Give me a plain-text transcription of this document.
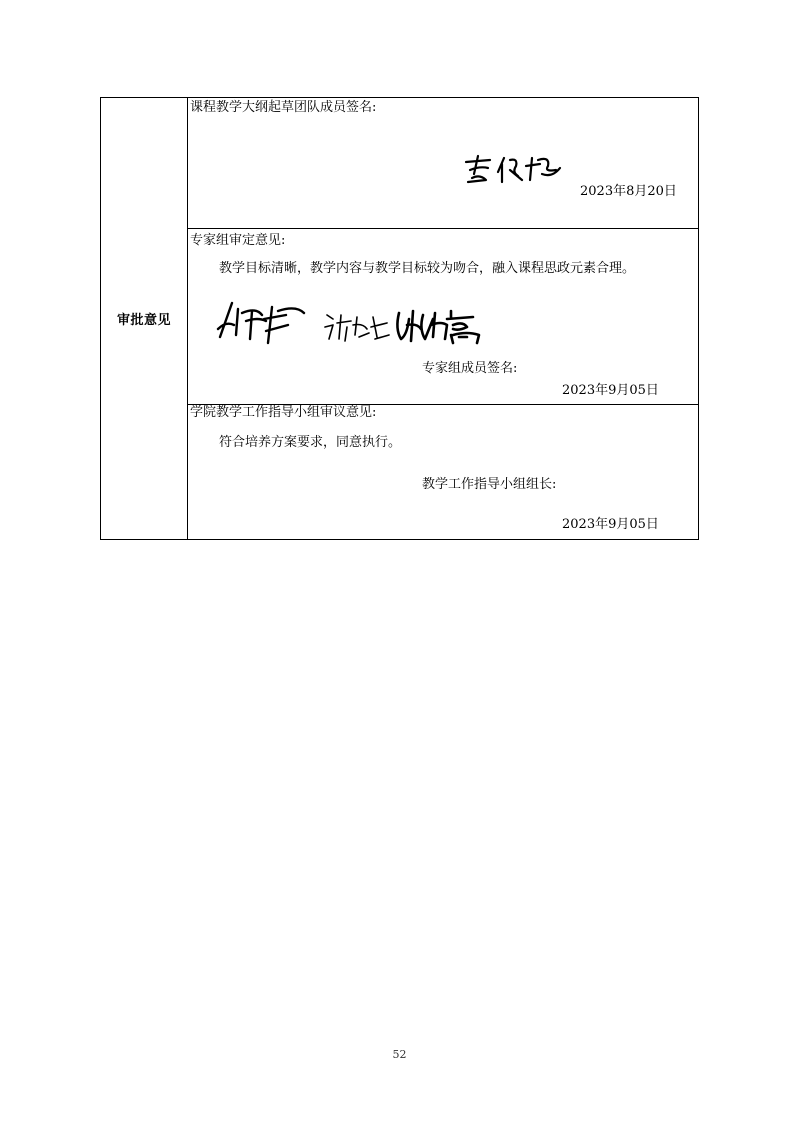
审批意见
课程教学大纲起草团队成员签名:
2023年8月20日
专家组审定意见:
教学目标清晰，教学内容与教学目标较为吻合，融入课程思政元素合理。
专家组成员签名:
2023年9月05日
学院教学工作指导小组审议意见:
符合培养方案要求，同意执行。
教学工作指导小组组长:
2023年9月05日
52
